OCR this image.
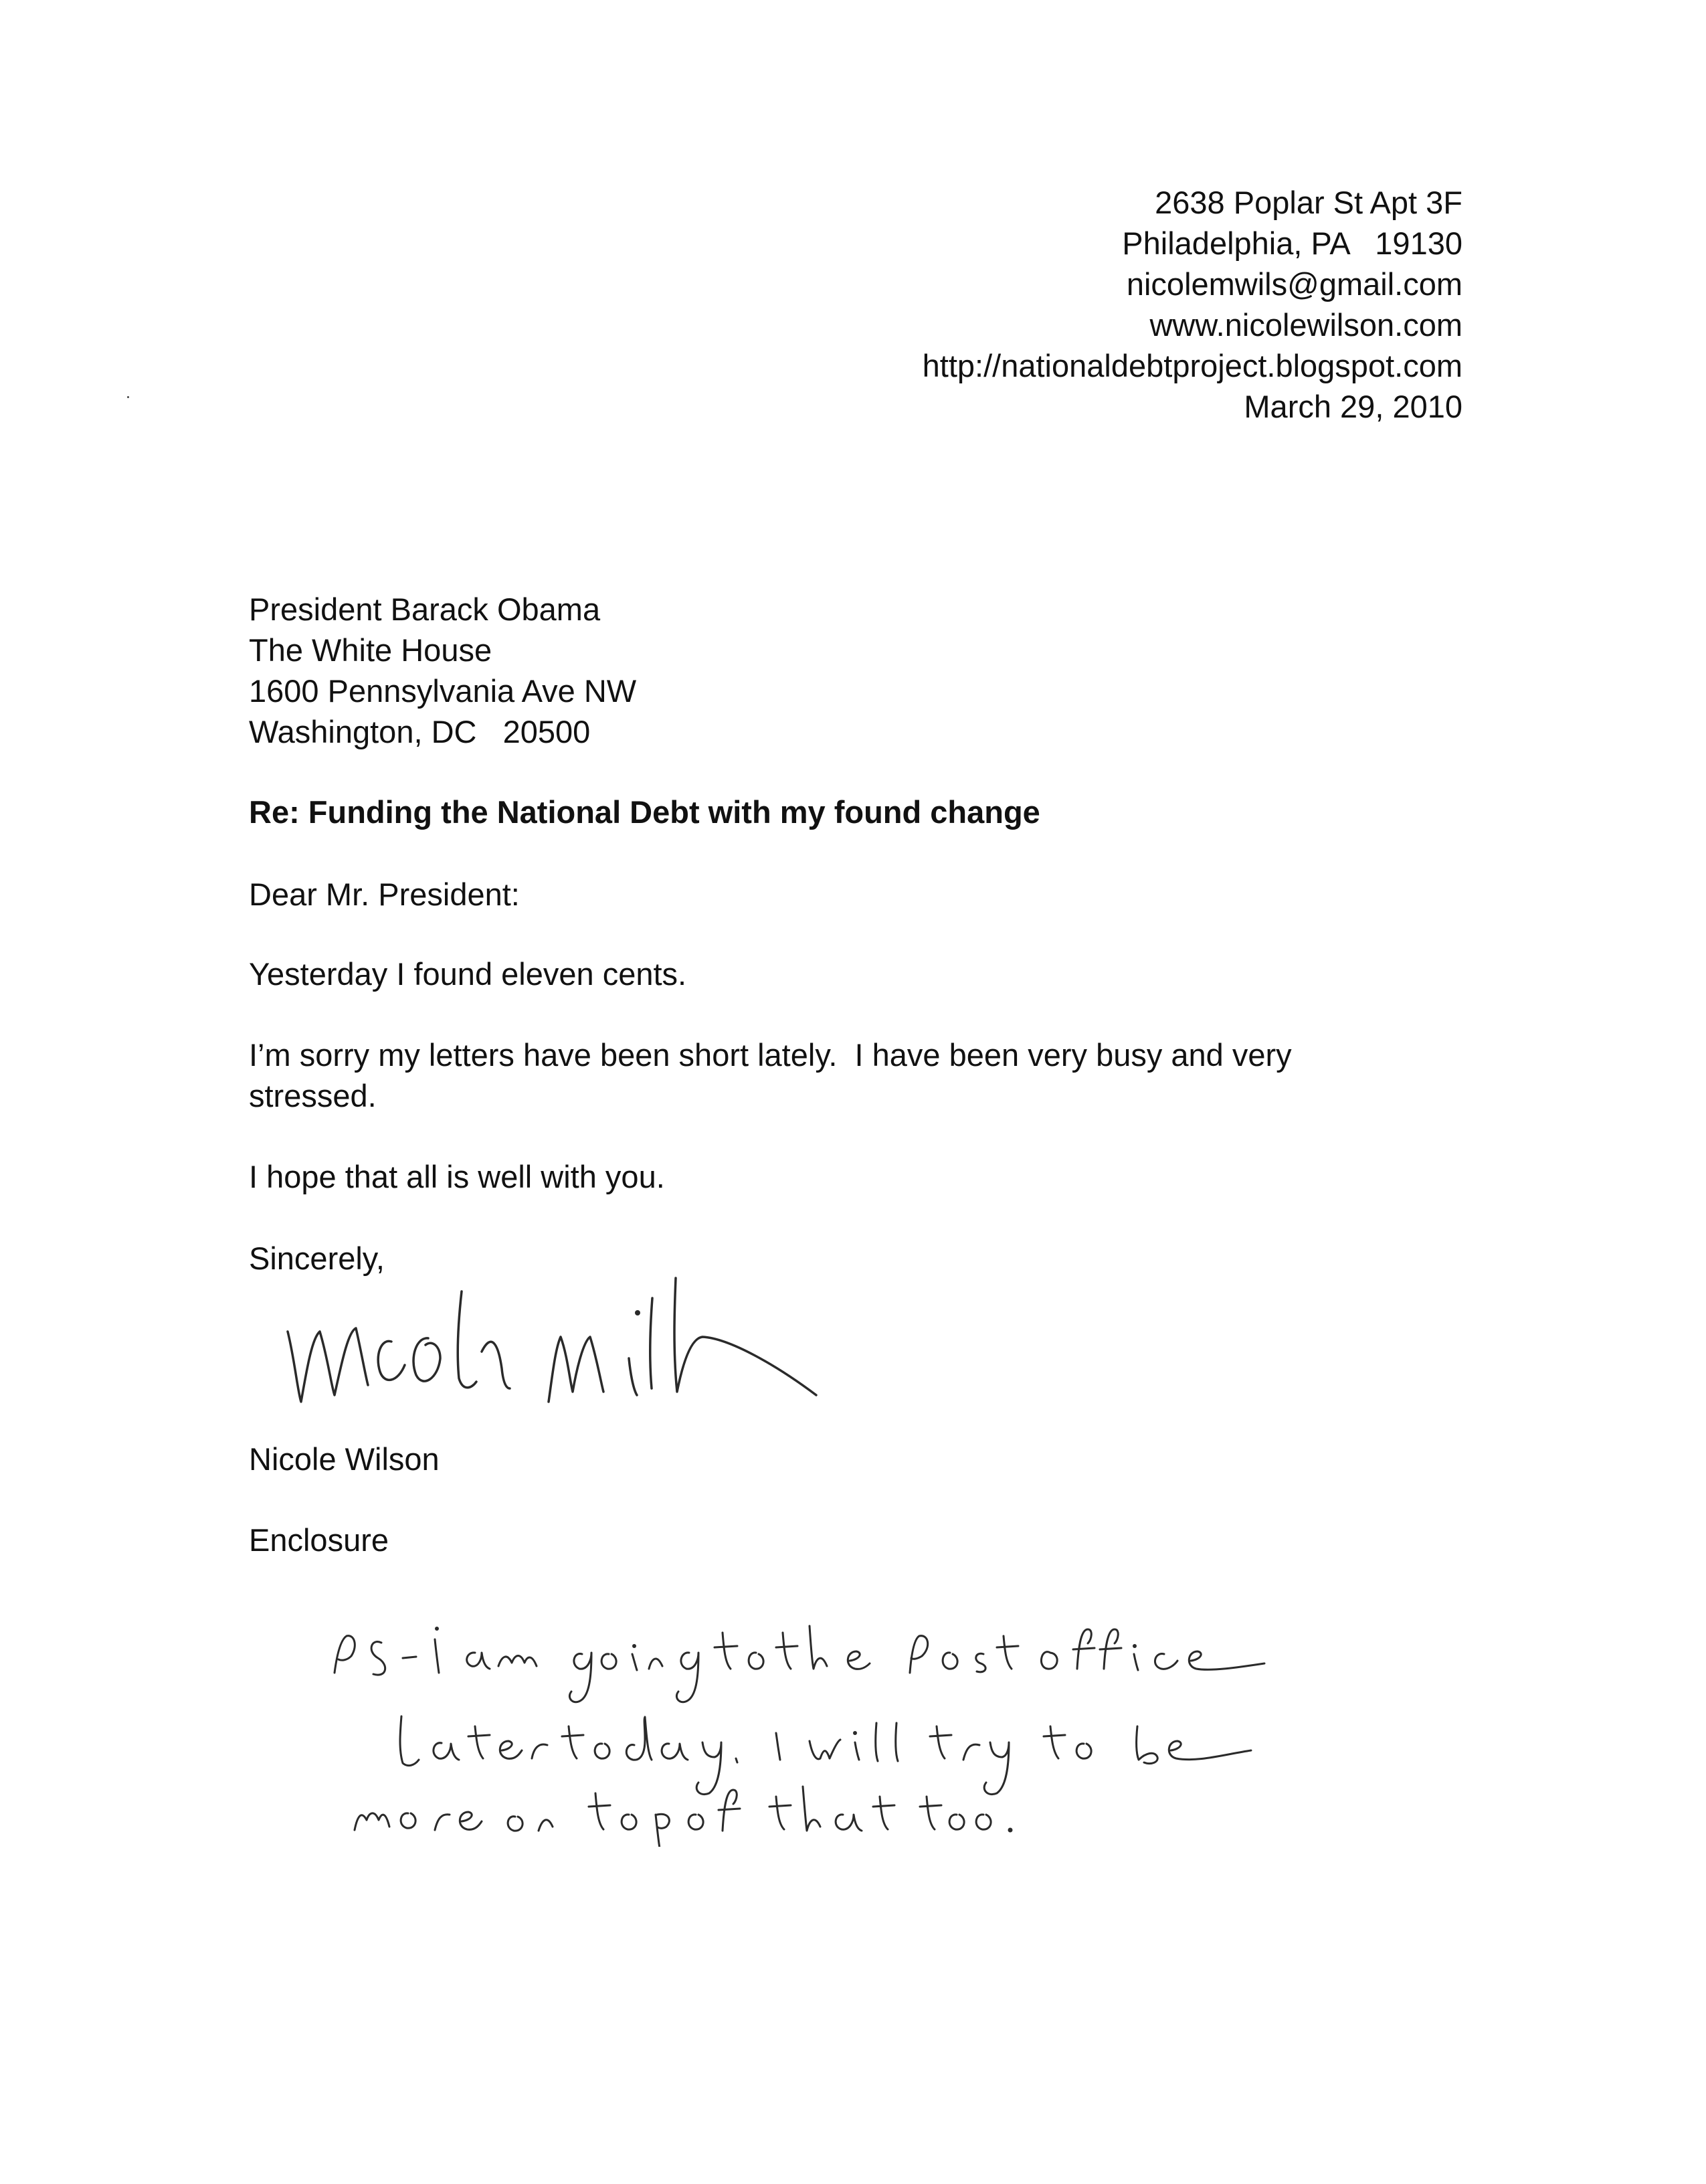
2638 Poplar St Apt 3F
Philadelphia, PA   19130
nicolemwils@gmail.com
www.nicolewilson.com
http://nationaldebtproject.blogspot.com
March 29, 2010
President Barack Obama
The White House
1600 Pennsylvania Ave NW
Washington, DC   20500
Re: Funding the National Debt with my found change
Dear Mr. President:
Yesterday I found eleven cents.
I’m sorry my letters have been short lately.  I have been very busy and very stressed.
I hope that all is well with you.
Sincerely,
Nicole Wilson
Enclosure
